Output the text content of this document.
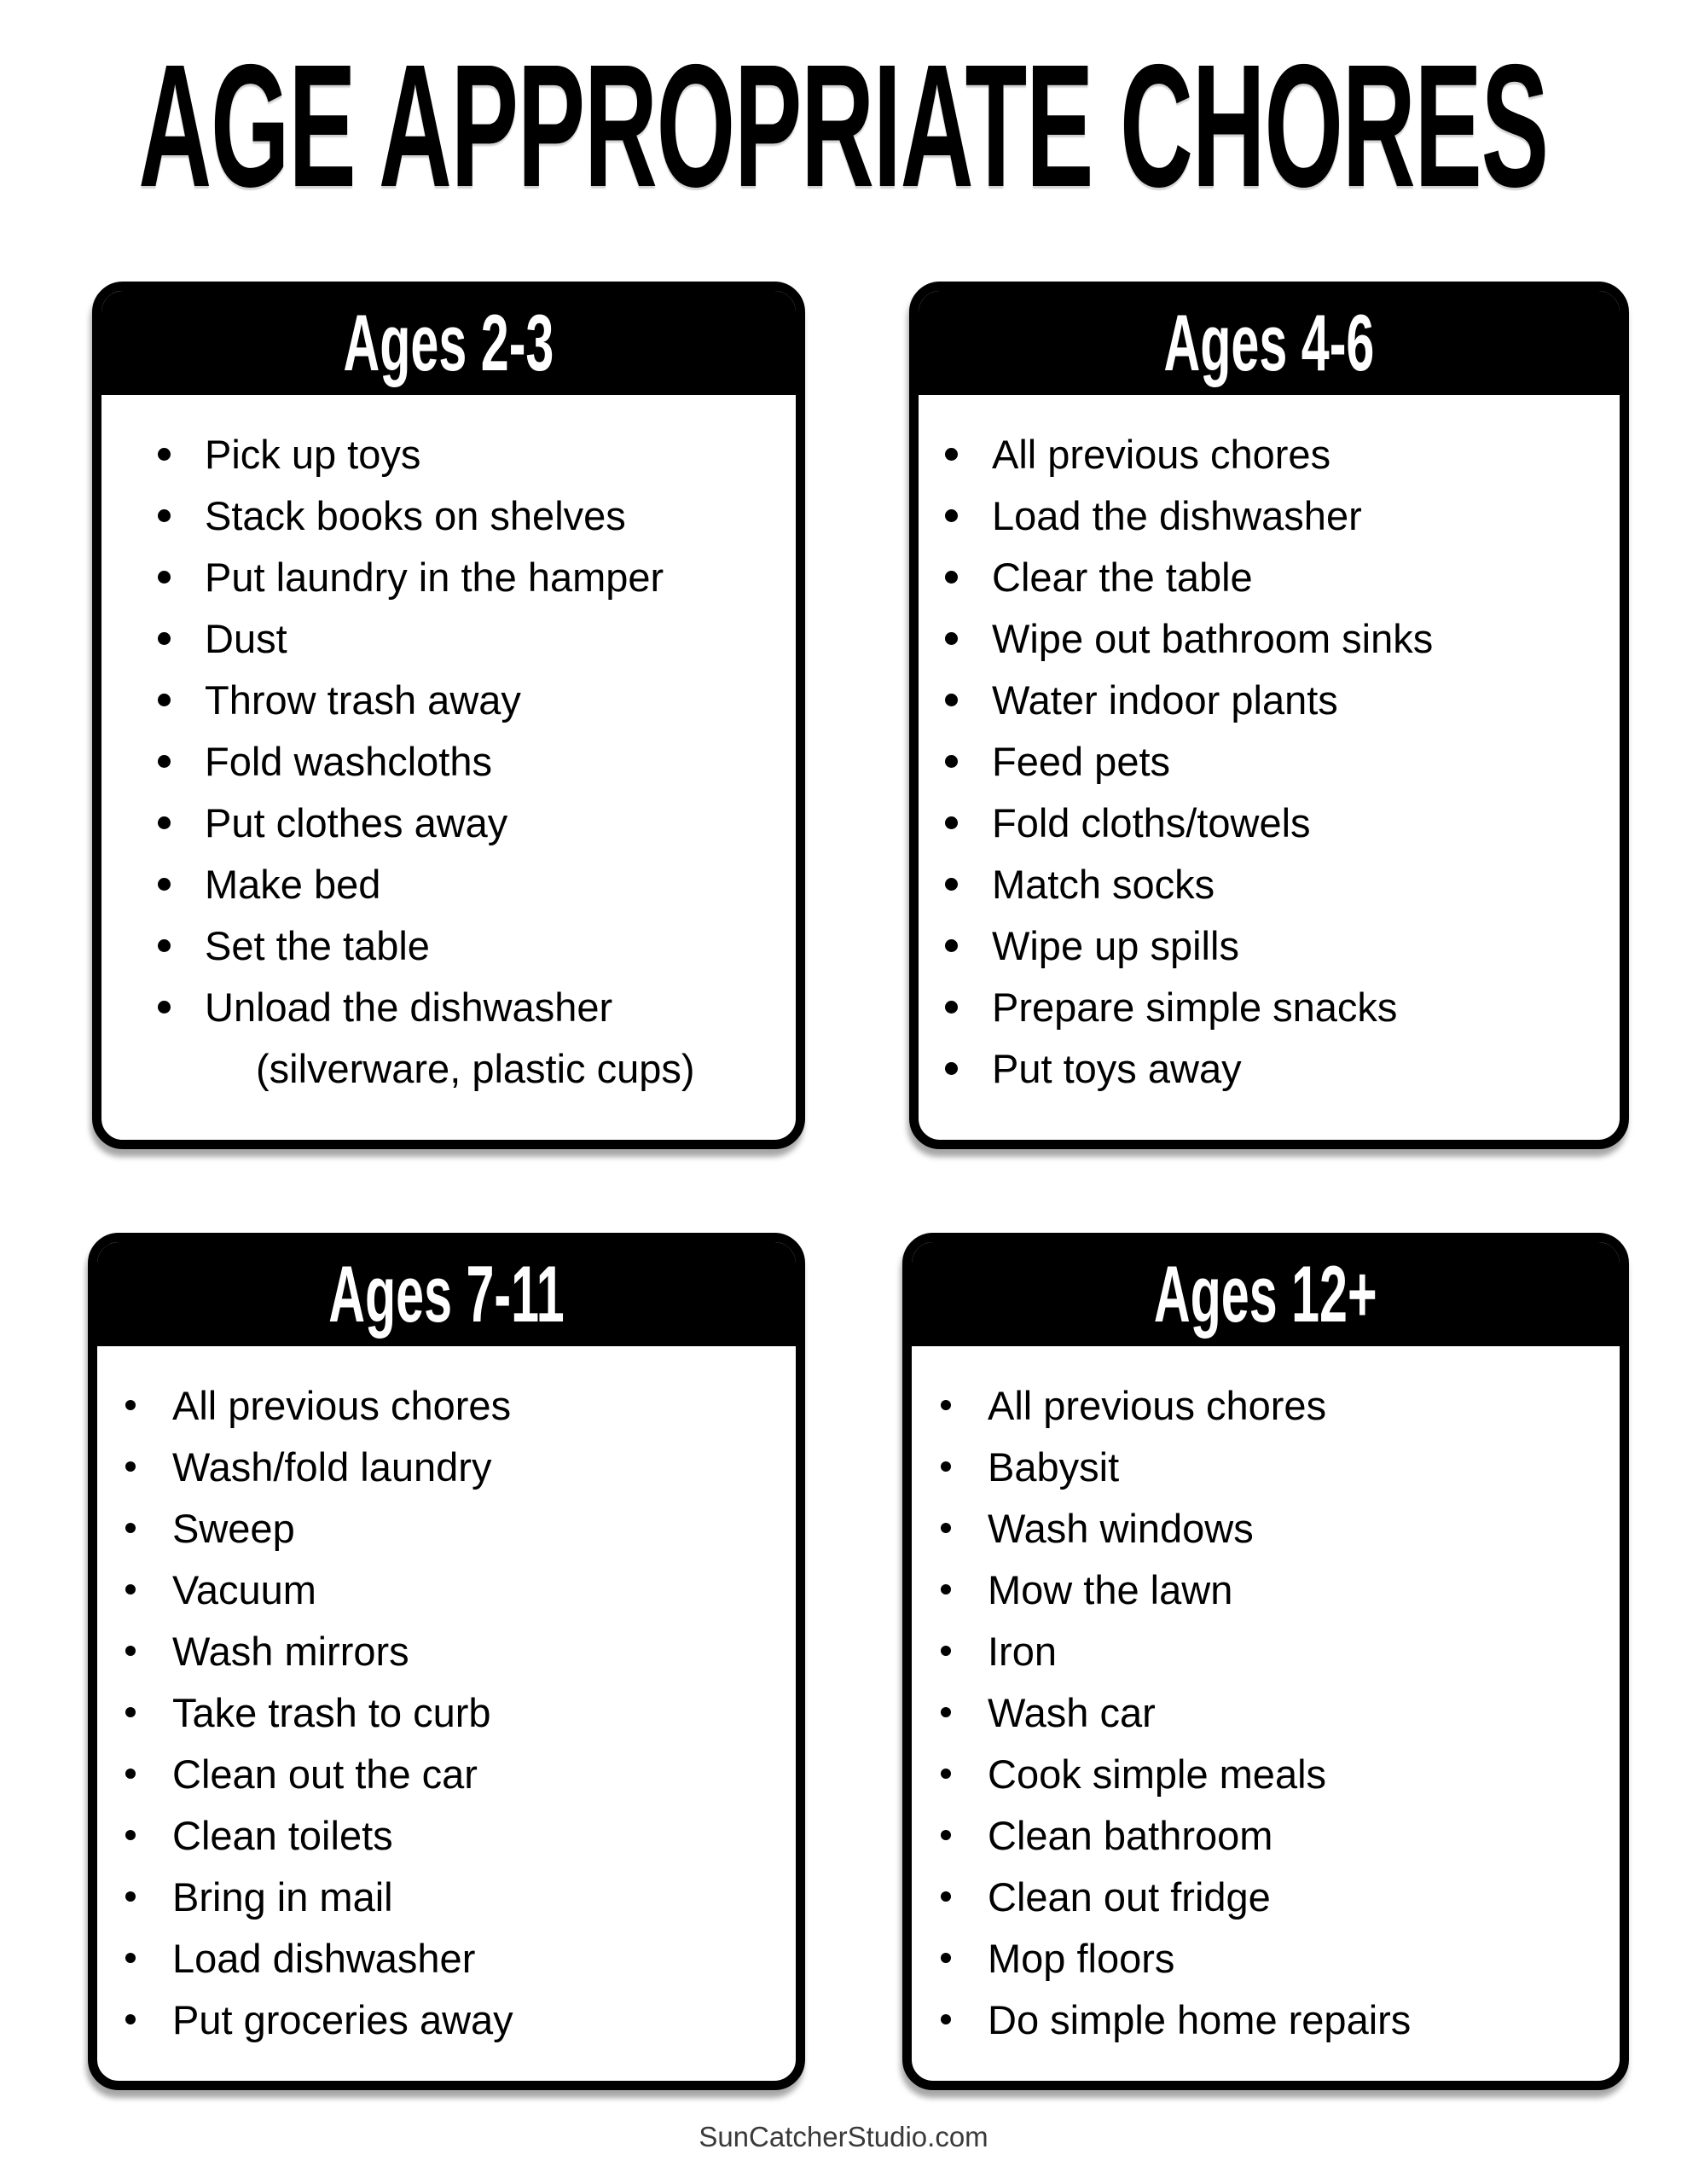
AGE APPROPRIATE CHORES
Ages 2-3
Pick up toys
Stack books on shelves
Put laundry in the hamper
Dust
Throw trash away
Fold washcloths
Put clothes away
Make bed
Set the table
Unload the dishwasher
(silverware, plastic cups)
Ages 4-6
All previous chores
Load the dishwasher
Clear the table
Wipe out bathroom sinks
Water indoor plants
Feed pets
Fold cloths/towels
Match socks
Wipe up spills
Prepare simple snacks
Put toys away
Ages 7-11
All previous chores
Wash/fold laundry
Sweep
Vacuum
Wash mirrors
Take trash to curb
Clean out the car
Clean toilets
Bring in mail
Load dishwasher
Put groceries away
Ages 12+
All previous chores
Babysit
Wash windows
Mow the lawn
Iron
Wash car
Cook simple meals
Clean bathroom
Clean out fridge
Mop floors
Do simple home repairs
SunCatcherStudio.com
